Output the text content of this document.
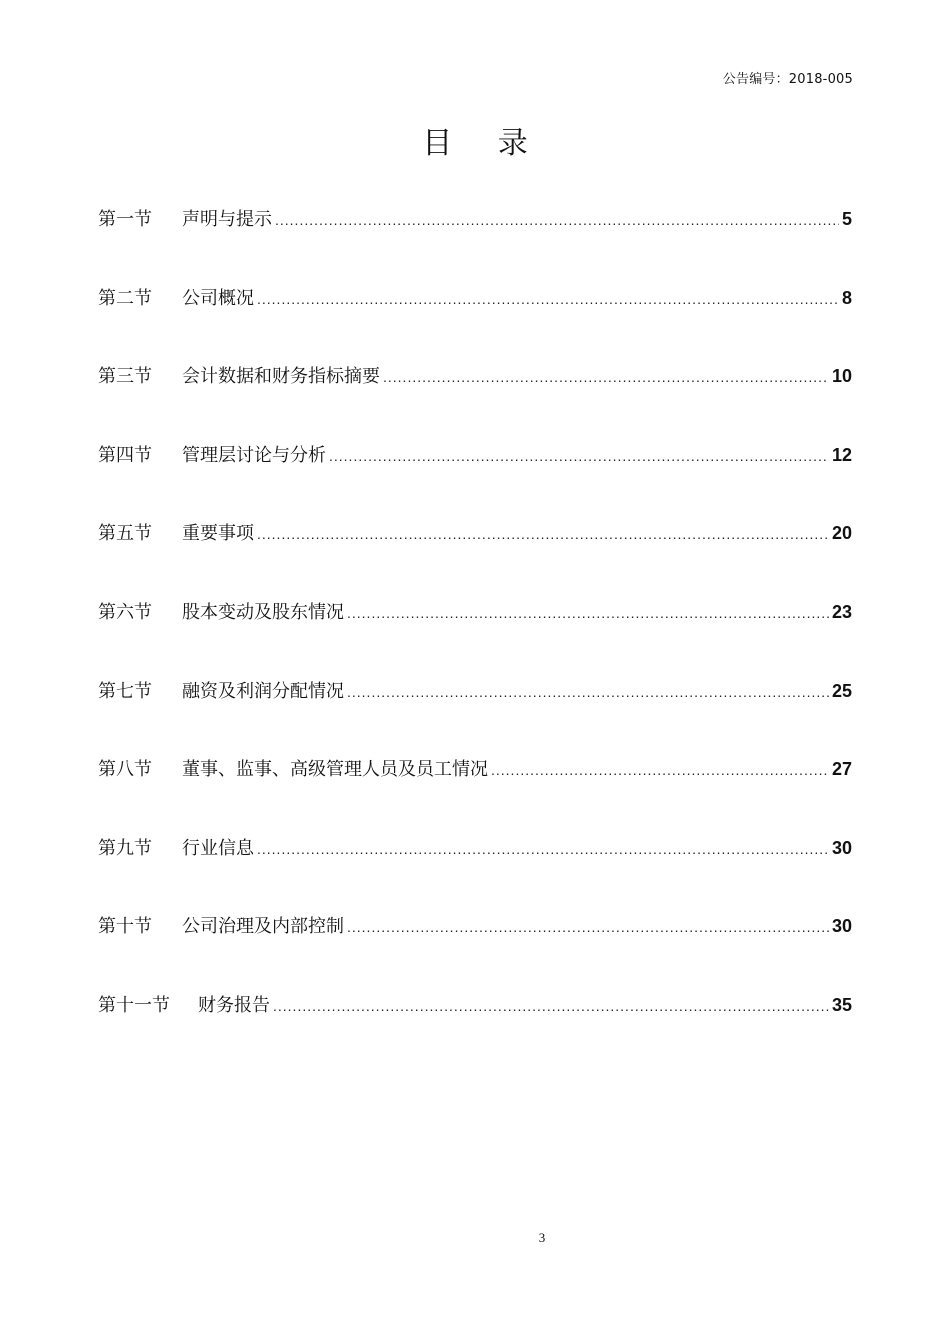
公告编号：2018-005
目 录
第一节	声明与提示 .....	5
第二节	公司概况 .....	8
第三节	会计数据和财务指标摘要 .....	10
第四节	管理层讨论与分析 .....	12
第五节	重要事项 .....	20
第六节	股本变动及股东情况 .....	23
第七节	融资及利润分配情况 .....	25
第八节	董事、监事、高级管理人员及员工情况 .....	27
第九节	行业信息 .....	30
第十节	公司治理及内部控制 .....	30
第十一节	财务报告 .....	35
3
